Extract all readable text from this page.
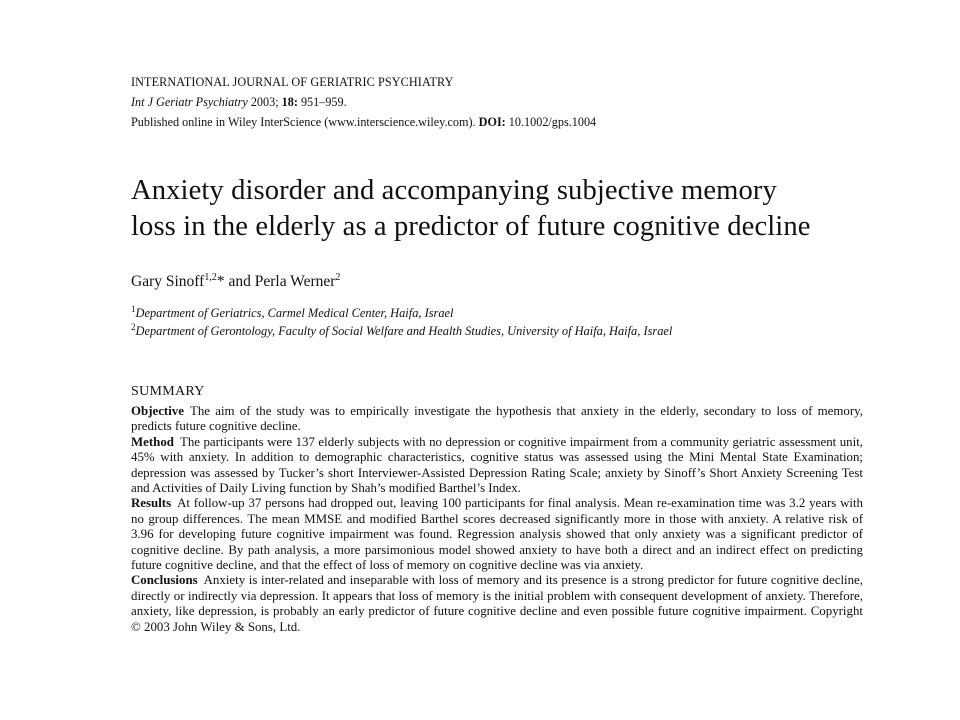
INTERNATIONAL JOURNAL OF GERIATRIC PSYCHIATRY
Int J Geriatr Psychiatry 2003; 18: 951–959.
Published online in Wiley InterScience (www.interscience.wiley.com). DOI: 10.1002/gps.1004
Anxiety disorder and accompanying subjective memory
loss in the elderly as a predictor of future cognitive decline
Gary Sinoff$^{1,2}$* and Perla Werner$^2$
$^1$Department of Geriatrics, Carmel Medical Center, Haifa, Israel
$^2$Department of Gerontology, Faculty of Social Welfare and Health Studies, University of Haifa, Haifa, Israel
SUMMARY

Objective The aim of the study was to empirically investigate the hypothesis that anxiety in the elderly, secondary to loss of memory, predicts future cognitive decline.

Method The participants were 137 elderly subjects with no depression or cognitive impairment from a community geriatric assessment unit, 45% with anxiety. In addition to demographic characteristics, cognitive status was assessed using the Mini Mental State Examination; depression was assessed by Tucker’s short Interviewer-Assisted Depression Rating Scale; anxiety by Sinoff’s Short Anxiety Screening Test and Activities of Daily Living function by Shah’s modified Barthel’s Index.

Results At follow-up 37 persons had dropped out, leaving 100 participants for final analysis. Mean re-examination time was 3.2 years with no group differences. The mean MMSE and modified Barthel scores decreased significantly more in those with anxiety. A relative risk of 3.96 for developing future cognitive impairment was found. Regression analysis showed that only anxiety was a significant predictor of cognitive decline. By path analysis, a more parsimonious model showed anxiety to have both a direct and an indirect effect on predicting future cognitive decline, and that the effect of loss of memory on cognitive decline was via anxiety.

Conclusions Anxiety is inter-related and inseparable with loss of memory and its presence is a strong predictor for future cognitive decline, directly or indirectly via depression. It appears that loss of memory is the initial problem with consequent development of anxiety. Therefore, anxiety, like depression, is probably an early predictor of future cognitive decline and even possible future cognitive impairment. Copyright © 2003 John Wiley & Sons, Ltd.
